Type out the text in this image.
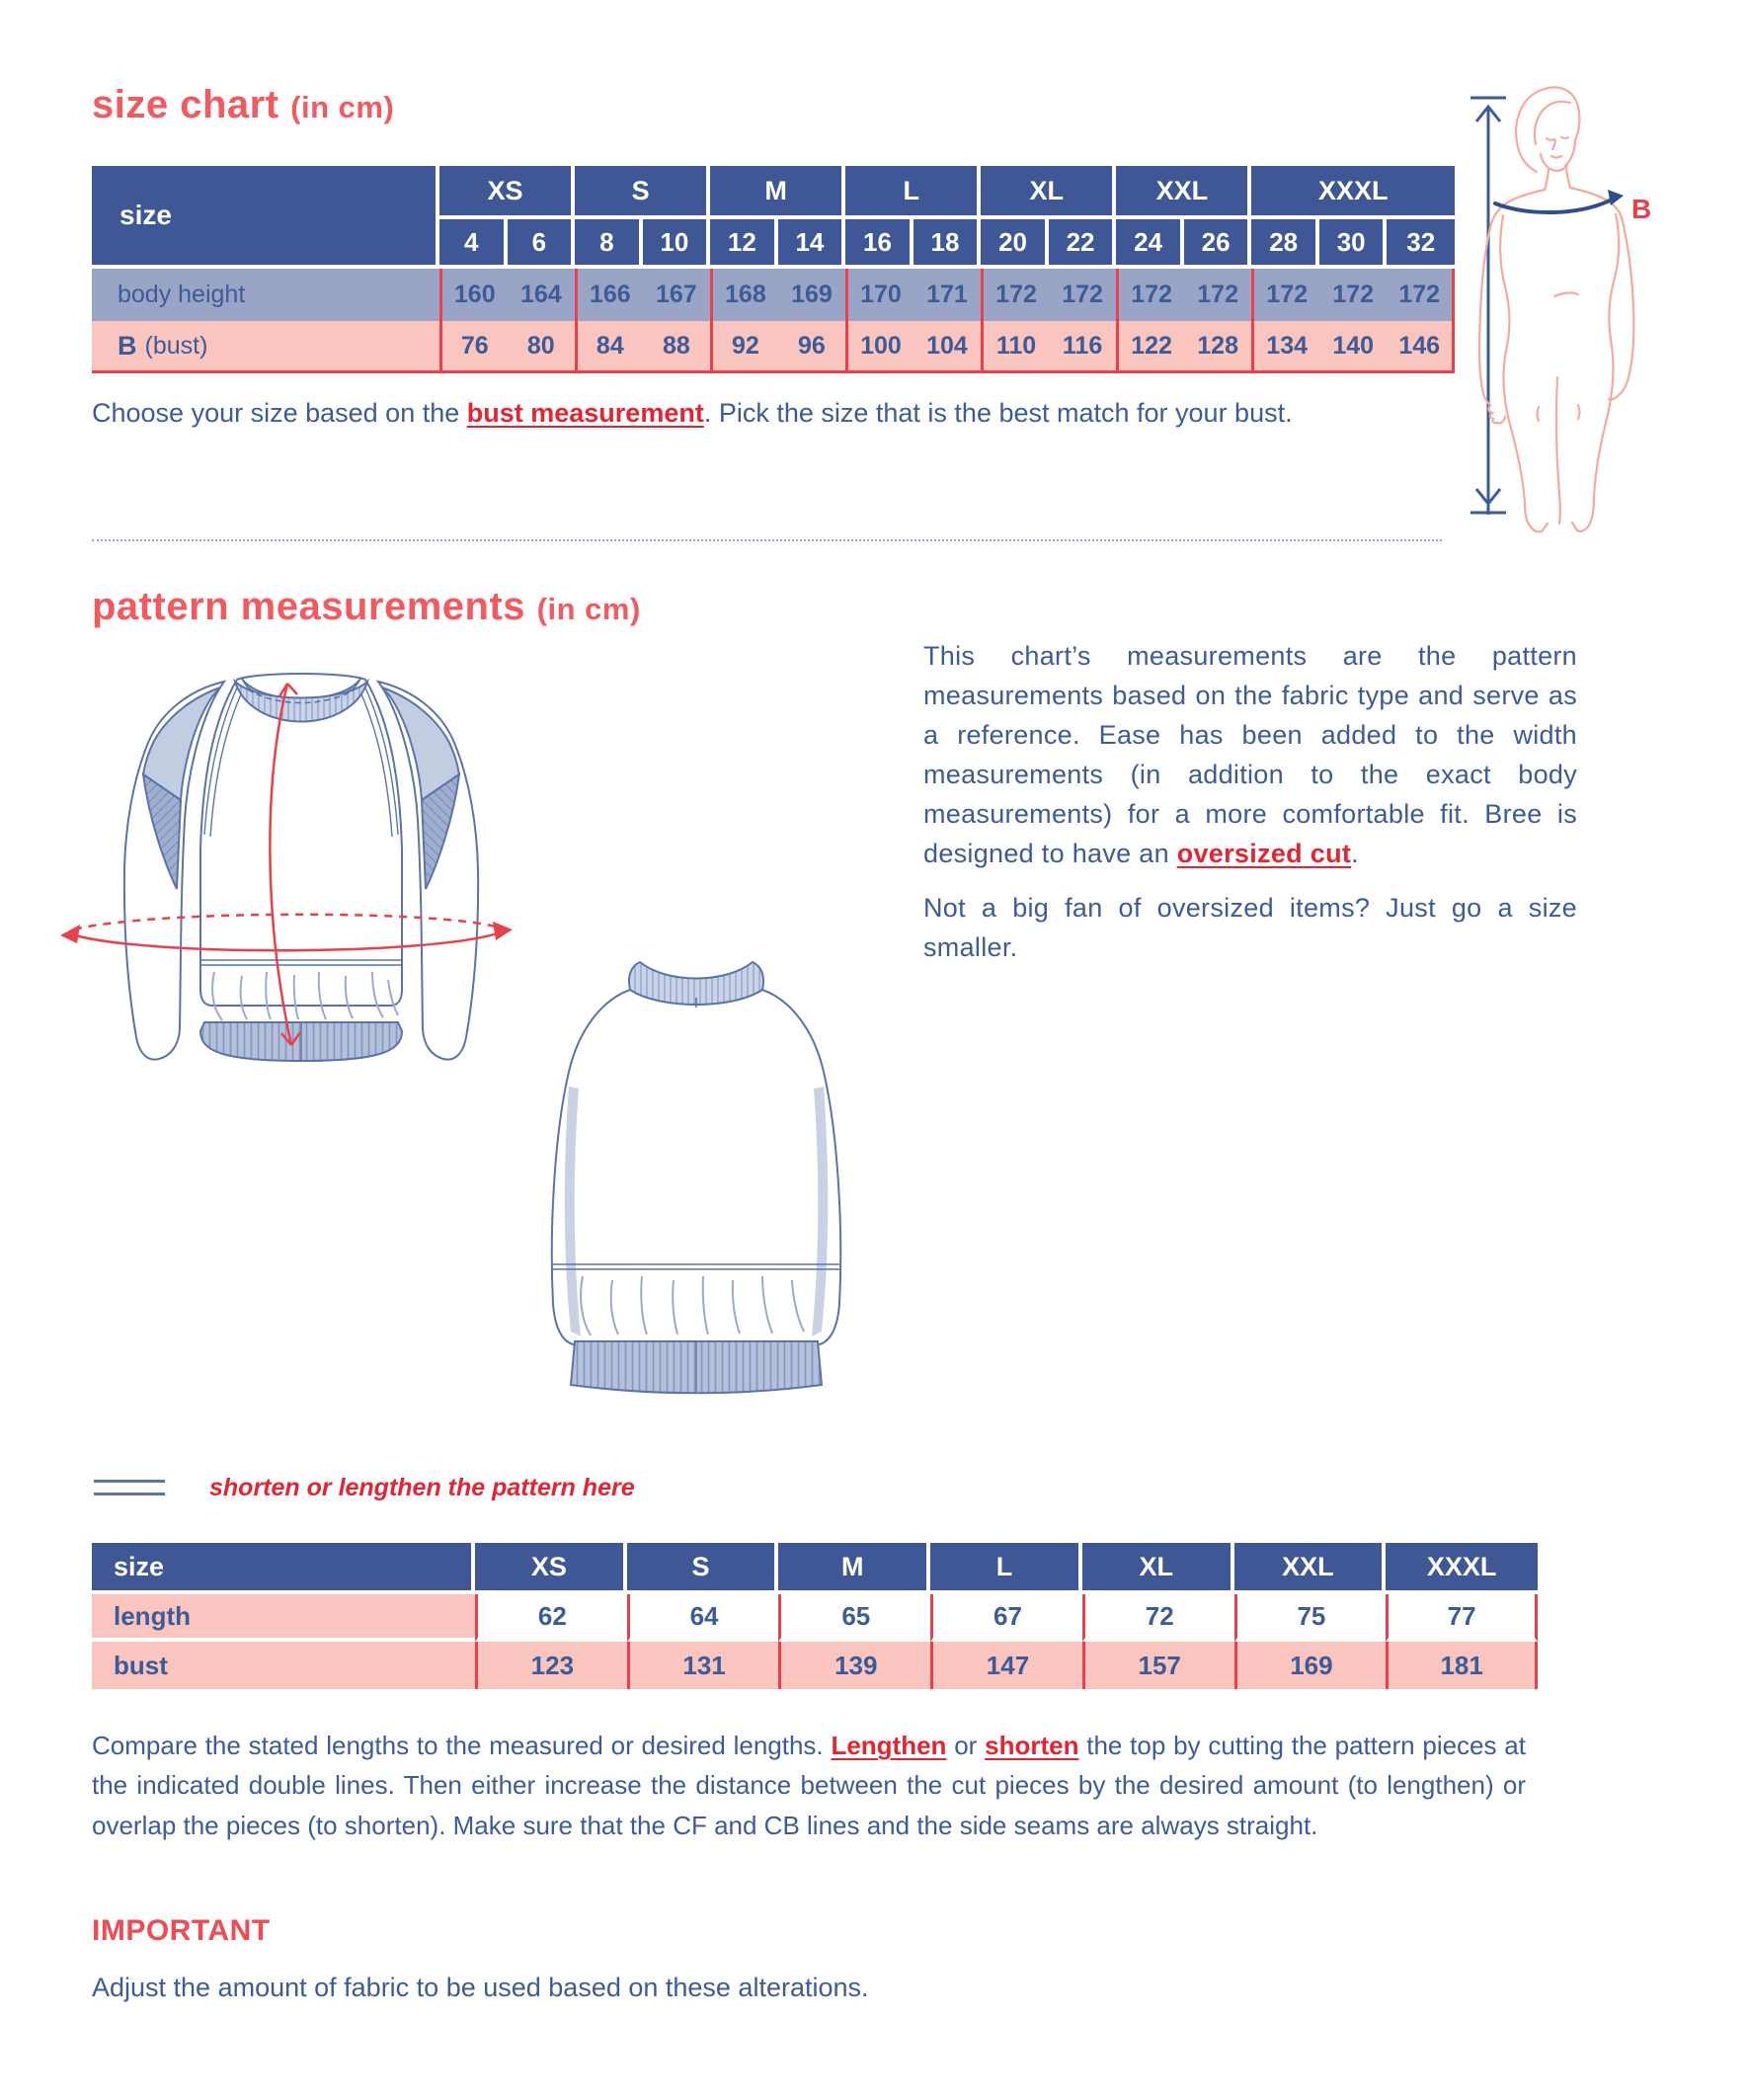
size chart (in cm)
size
XS	S	M	L	XL	XXL	XXXL
4	6	8	10	12	14	16	18	20	22	24	26	28	30	32
body height	160	164	166	167	168	169	170	171	172	172	172	172	172	172	172
B (bust)	76	80	84	88	92	96	100	104	110	116	122	128	134	140	146
Choose your size based on the bust measurement. Pick the size that is the best match for your bust.
B
pattern measurements (in cm)
This chart’s measurements are the pattern measurements based on the fabric type and serve as a reference. Ease has been added to the width measurements (in addition to the exact body measurements) for a more comfortable fit. Bree is designed to have an oversized cut.
Not a big fan of oversized items? Just go a size smaller.
shorten or lengthen the pattern here
size	XS	S	M	L	XL	XXL	XXXL
length	62	64	65	67	72	75	77
bust	123	131	139	147	157	169	181
Compare the stated lengths to the measured or desired lengths. Lengthen or shorten the top by cutting the pattern pieces at the indicated double lines. Then either increase the distance between the cut pieces by the desired amount (to lengthen) or overlap the pieces (to shorten). Make sure that the CF and CB lines and the side seams are always straight.
IMPORTANT
Adjust the amount of fabric to be used based on these alterations.
